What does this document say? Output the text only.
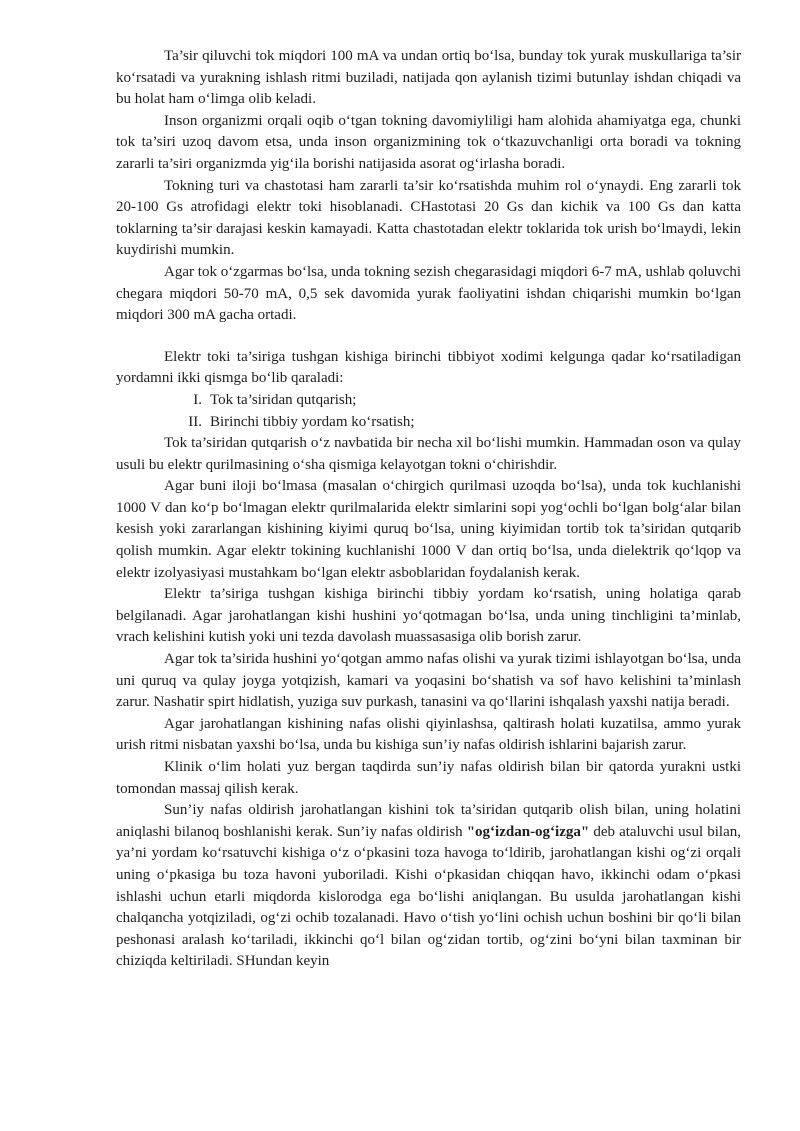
Ta’sir qiluvchi tok miqdori 100 mA va undan ortiq bo‘lsa, bunday tok yurak muskullariga ta’sir ko‘rsatadi va yurakning ishlash ritmi buziladi, natijada qon aylanish tizimi butunlay ishdan chiqadi va bu holat ham o‘limga olib keladi.

Inson organizmi orqali oqib o‘tgan tokning davomiyliligi ham alohida ahamiyatga ega, chunki tok ta’siri uzoq davom etsa, unda inson organizmining tok o‘tkazuvchanligi orta boradi va tokning zararli ta’siri organizmda yig‘ila borishi natijasida asorat og‘irlasha boradi.

Tokning turi va chastotasi ham zararli ta’sir ko‘rsatishda muhim rol o‘ynaydi. Eng zararli tok 20-100 Gs atrofidagi elektr toki hisoblanadi. CHastotasi 20 Gs dan kichik va 100 Gs dan katta toklarning ta’sir darajasi keskin kamayadi. Katta chastotadan elektr toklarida tok urish bo‘lmaydi, lekin kuydirishi mumkin.

Agar tok o‘zgarmas bo‘lsa, unda tokning sezish chegarasidagi miqdori 6-7 mA, ushlab qoluvchi chegara miqdori 50-70 mA, 0,5 sek davomida yurak faoliyatini ishdan chiqarishi mumkin bo‘lgan miqdori 300 mA gacha ortadi.

Elektr toki ta’siriga tushgan kishiga birinchi tibbiyot xodimi kelgunga qadar ko‘rsatiladigan yordamni ikki qismga bo‘lib qaraladi:

I. Tok ta’siridan qutqarish;
II. Birinchi tibbiy yordam ko‘rsatish;

Tok ta’siridan qutqarish o‘z navbatida bir necha xil bo‘lishi mumkin. Hammadan oson va qulay usuli bu elektr qurilmasining o‘sha qismiga kelayotgan tokni o‘chirishdir.

Agar buni iloji bo‘lmasa (masalan o‘chirgich qurilmasi uzoqda bo‘lsa), unda tok kuchlanishi 1000 V dan ko‘p bo‘lmagan elektr qurilmalarida elektr simlarini sopi yog‘ochli bo‘lgan bolg‘alar bilan kesish yoki zararlangan kishining kiyimi quruq bo‘lsa, uning kiyimidan tortib tok ta’siridan qutqarib qolish mumkin. Agar elektr tokining kuchlanishi 1000 V dan ortiq bo‘lsa, unda dielektrik qo‘lqop va elektr izolyasiyasi mustahkam bo‘lgan elektr asboblaridan foydalanish kerak.

Elektr ta’siriga tushgan kishiga birinchi tibbiy yordam ko‘rsatish, uning holatiga qarab belgilanadi. Agar jarohatlangan kishi hushini yo‘qotmagan bo‘lsa, unda uning tinchligini ta’minlab, vrach kelishini kutish yoki uni tezda davolash muassasasiga olib borish zarur.

Agar tok ta’sirida hushini yo‘qotgan ammo nafas olishi va yurak tizimi ishlayotgan bo‘lsa, unda uni quruq va qulay joyga yotqizish, kamari va yoqasini bo‘shatish va sof havo kelishini ta’minlash zarur. Nashatir spirt hidlatish, yuziga suv purkash, tanasini va qo‘llarini ishqalash yaxshi natija beradi.

Agar jarohatlangan kishining nafas olishi qiyinlashsa, qaltirash holati kuzatilsa, ammo yurak urish ritmi nisbatan yaxshi bo‘lsa, unda bu kishiga sun’iy nafas oldirish ishlarini bajarish zarur.

Klinik o‘lim holati yuz bergan taqdirda sun’iy nafas oldirish bilan bir qatorda yurakni ustki tomondan massaj qilish kerak.

Sun’iy nafas oldirish jarohatlangan kishini tok ta’siridan qutqarib olish bilan, uning holatini aniqlashi bilanoq boshlanishi kerak. Sun’iy nafas oldirish "og‘izdan-og‘izga" deb ataluvchi usul bilan, ya’ni yordam ko‘rsatuvchi kishiga o‘z o‘pkasini toza havoga to‘ldirib, jarohatlangan kishi og‘zi orqali uning o‘pkasiga bu toza havoni yuboriladi. Kishi o‘pkasidan chiqqan havo, ikkinchi odam o‘pkasi ishlashi uchun etarli miqdorda kislorodga ega bo‘lishi aniqlangan. Bu usulda jarohatlangan kishi chalqancha yotqiziladi, og‘zi ochib tozalanadi. Havo o‘tish yo‘lini ochish uchun boshini bir qo‘li bilan peshonasi aralash ko‘tariladi, ikkinchi qo‘l bilan og‘zidan tortib, og‘zini bo‘yni bilan taxminan bir chiziqda keltiriladi. SHundan keyin
